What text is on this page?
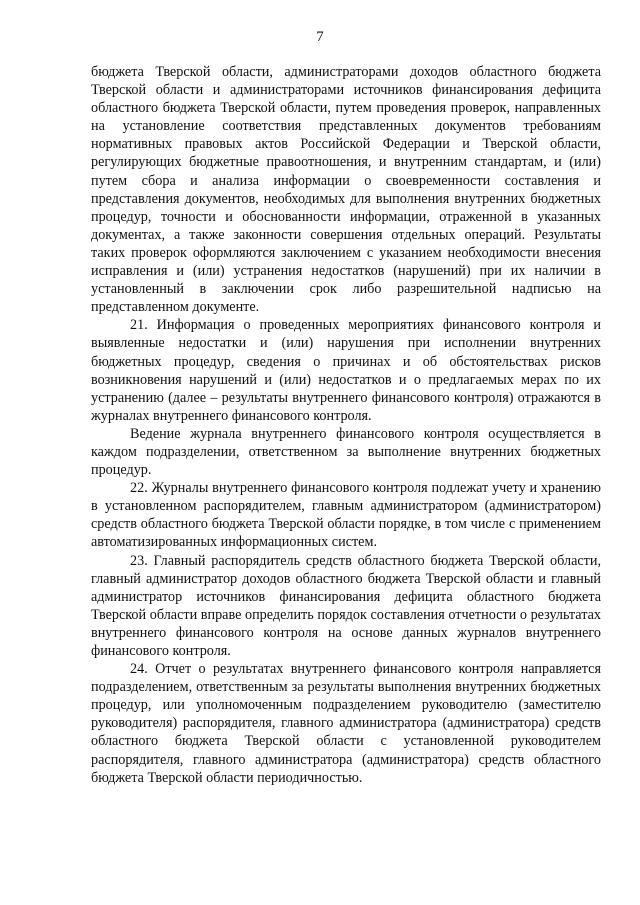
7

бюджета Тверской области, администраторами доходов областного бюджета Тверской области и администраторами источников финансирования дефицита областного бюджета Тверской области, путем проведения проверок, направленных на установление соответствия представленных документов требованиям нормативных правовых актов Российской Федерации и Тверской области, регулирующих бюджетные правоотношения, и внутренним стандартам, и (или) путем сбора и анализа информации о своевременности составления и представления документов, необходимых для выполнения внутренних бюджетных процедур, точности и обоснованности информации, отраженной в указанных документах, а также законности совершения отдельных операций. Результаты таких проверок оформляются заключением с указанием необходимости внесения исправления и (или) устранения недостатков (нарушений) при их наличии в установленный в заключении срок либо разрешительной надписью на представленном документе.

21. Информация о проведенных мероприятиях финансового контроля и выявленные недостатки и (или) нарушения при исполнении внутренних бюджетных процедур, сведения о причинах и об обстоятельствах рисков возникновения нарушений и (или) недостатков и о предлагаемых мерах по их устранению (далее – результаты внутреннего финансового контроля) отражаются в журналах внутреннего финансового контроля.

Ведение журнала внутреннего финансового контроля осуществляется в каждом подразделении, ответственном за выполнение внутренних бюджетных процедур.

22. Журналы внутреннего финансового контроля подлежат учету и хранению в установленном распорядителем, главным администратором (администратором) средств областного бюджета Тверской области порядке, в том числе с применением автоматизированных информационных систем.

23. Главный распорядитель средств областного бюджета Тверской области, главный администратор доходов областного бюджета Тверской области и главный администратор источников финансирования дефицита областного бюджета Тверской области вправе определить порядок составления отчетности о результатах внутреннего финансового контроля на основе данных журналов внутреннего финансового контроля.

24. Отчет о результатах внутреннего финансового контроля направляется подразделением, ответственным за результаты выполнения внутренних бюджетных процедур, или уполномоченным подразделением руководителю (заместителю руководителя) распорядителя, главного администратора (администратора) средств областного бюджета Тверской области с установленной руководителем распорядителя, главного администратора (администратора) средств областного бюджета Тверской области периодичностью.
